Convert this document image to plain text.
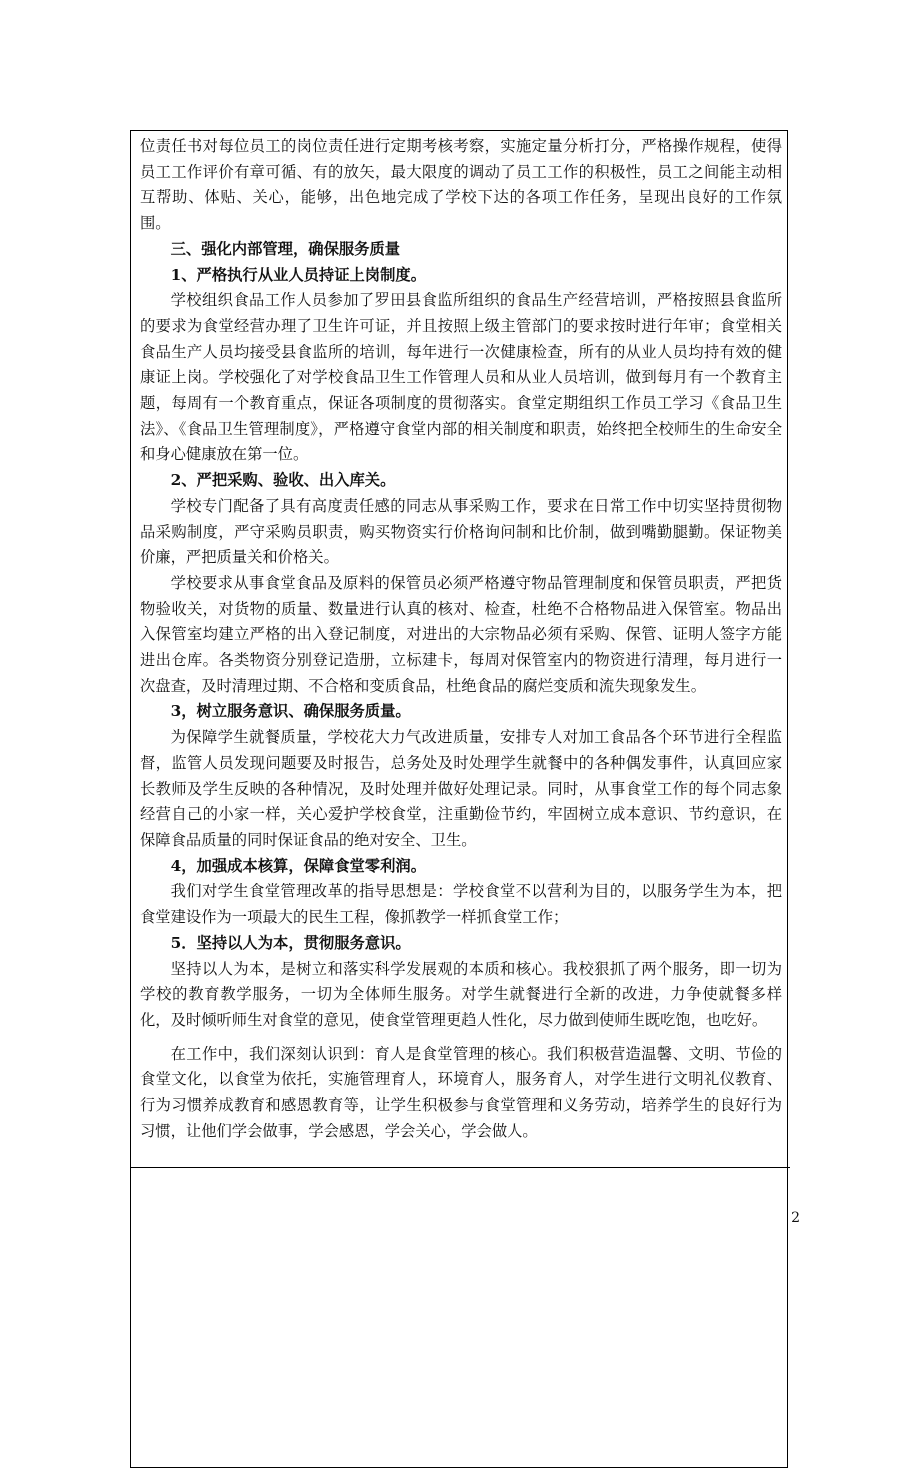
位责任书对每位员工的岗位责任进行定期考核考察，实施定量分析打分，严格操作规程，使得员工工作评价有章可循、有的放矢，最大限度的调动了员工工作的积极性，员工之间能主动相互帮助、体贴、关心，能够，出色地完成了学校下达的各项工作任务，呈现出良好的工作氛围。

三、强化内部管理，确保服务质量

1、严格执行从业人员持证上岗制度。

学校组织食品工作人员参加了罗田县食监所组织的食品生产经营培训，严格按照县食监所的要求为食堂经营办理了卫生许可证，并且按照上级主管部门的要求按时进行年审；食堂相关食品生产人员均接受县食监所的培训，每年进行一次健康检查，所有的从业人员均持有效的健康证上岗。学校强化了对学校食品卫生工作管理人员和从业人员培训，做到每月有一个教育主题，每周有一个教育重点，保证各项制度的贯彻落实。食堂定期组织工作员工学习《食品卫生法》、《食品卫生管理制度》，严格遵守食堂内部的相关制度和职责，始终把全校师生的生命安全和身心健康放在第一位。

2、严把采购、验收、出入库关。

学校专门配备了具有高度责任感的同志从事采购工作，要求在日常工作中切实坚持贯彻物品采购制度，严守采购员职责，购买物资实行价格询问制和比价制，做到嘴勤腿勤。保证物美价廉，严把质量关和价格关。

学校要求从事食堂食品及原料的保管员必须严格遵守物品管理制度和保管员职责，严把货物验收关，对货物的质量、数量进行认真的核对、检查，杜绝不合格物品进入保管室。物品出入保管室均建立严格的出入登记制度，对进出的大宗物品必须有采购、保管、证明人签字方能进出仓库。各类物资分别登记造册，立标建卡，每周对保管室内的物资进行清理，每月进行一次盘查，及时清理过期、不合格和变质食品，杜绝食品的腐烂变质和流失现象发生。

3，树立服务意识、确保服务质量。

为保障学生就餐质量，学校花大力气改进质量，安排专人对加工食品各个环节进行全程监督，监管人员发现问题要及时报告，总务处及时处理学生就餐中的各种偶发事件，认真回应家长教师及学生反映的各种情况，及时处理并做好处理记录。同时，从事食堂工作的每个同志象经营自己的小家一样，关心爱护学校食堂，注重勤俭节约，牢固树立成本意识、节约意识，在保障食品质量的同时保证食品的绝对安全、卫生。

4，加强成本核算，保障食堂零利润。

我们对学生食堂管理改革的指导思想是：学校食堂不以营利为目的，以服务学生为本，把食堂建设作为一项最大的民生工程，像抓教学一样抓食堂工作；

5．坚持以人为本，贯彻服务意识。

坚持以人为本，是树立和落实科学发展观的本质和核心。我校狠抓了两个服务，即一切为学校的教育教学服务，一切为全体师生服务。对学生就餐进行全新的改进，力争使就餐多样化，及时倾听师生对食堂的意见，使食堂管理更趋人性化，尽力做到使师生既吃饱，也吃好。

在工作中，我们深刻认识到：育人是食堂管理的核心。我们积极营造温馨、文明、节俭的食堂文化，以食堂为依托，实施管理育人，环境育人，服务育人，对学生进行文明礼仪教育、行为习惯养成教育和感恩教育等，让学生积极参与食堂管理和义务劳动，培养学生的良好行为习惯，让他们学会做事，学会感恩，学会关心，学会做人。

2
